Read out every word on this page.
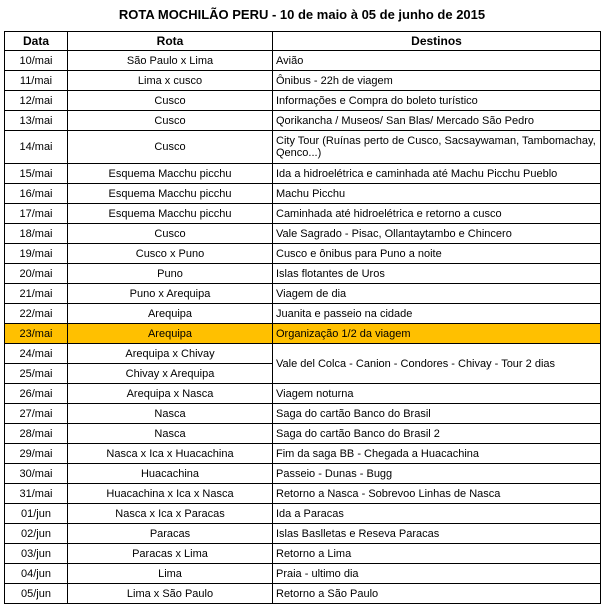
ROTA MOCHILÃO PERU - 10 de maio à 05 de junho de 2015
Data	Rota	Destinos
10/mai	São Paulo x Lima	Avião
11/mai	Lima x cusco	Ônibus - 22h de viagem
12/mai	Cusco	Informações e Compra do boleto turístico
13/mai	Cusco	Qorikancha / Museos/ San Blas/ Mercado São Pedro
14/mai	Cusco	City Tour (Ruínas perto de Cusco, Sacsaywaman, Tambomachay, Qenco...)
15/mai	Esquema Macchu picchu	Ida a hidroelétrica e caminhada até Machu Picchu Pueblo
16/mai	Esquema Macchu picchu	Machu Picchu
17/mai	Esquema Macchu picchu	Caminhada até hidroelétrica e retorno a cusco
18/mai	Cusco	Vale Sagrado - Pisac, Ollantaytambo e Chincero
19/mai	Cusco x Puno	Cusco e ônibus para Puno a noite
20/mai	Puno	Islas flotantes de Uros
21/mai	Puno x Arequipa	Viagem de dia
22/mai	Arequipa	Juanita e passeio na cidade
23/mai	Arequipa	Organização 1/2 da viagem
24/mai	Arequipa x Chivay	Vale del Colca - Canion - Condores - Chivay - Tour 2 dias
25/mai	Chivay x Arequipa	
26/mai	Arequipa x Nasca	Viagem noturna
27/mai	Nasca	Saga do cartão Banco do Brasil
28/mai	Nasca	Saga do cartão Banco do Brasil 2
29/mai	Nasca x Ica x Huacachina	Fim da saga BB - Chegada a Huacachina
30/mai	Huacachina	Passeio - Dunas - Bugg
31/mai	Huacachina x Ica x Nasca	Retorno a Nasca - Sobrevoo Linhas de Nasca
01/jun	Nasca x Ica x Paracas	Ida a Paracas
02/jun	Paracas	Islas Baslletas e Reseva Paracas
03/jun	Paracas x Lima	Retorno a Lima
04/jun	Lima	Praia - ultimo dia
05/jun	Lima x São Paulo	Retorno a São Paulo
